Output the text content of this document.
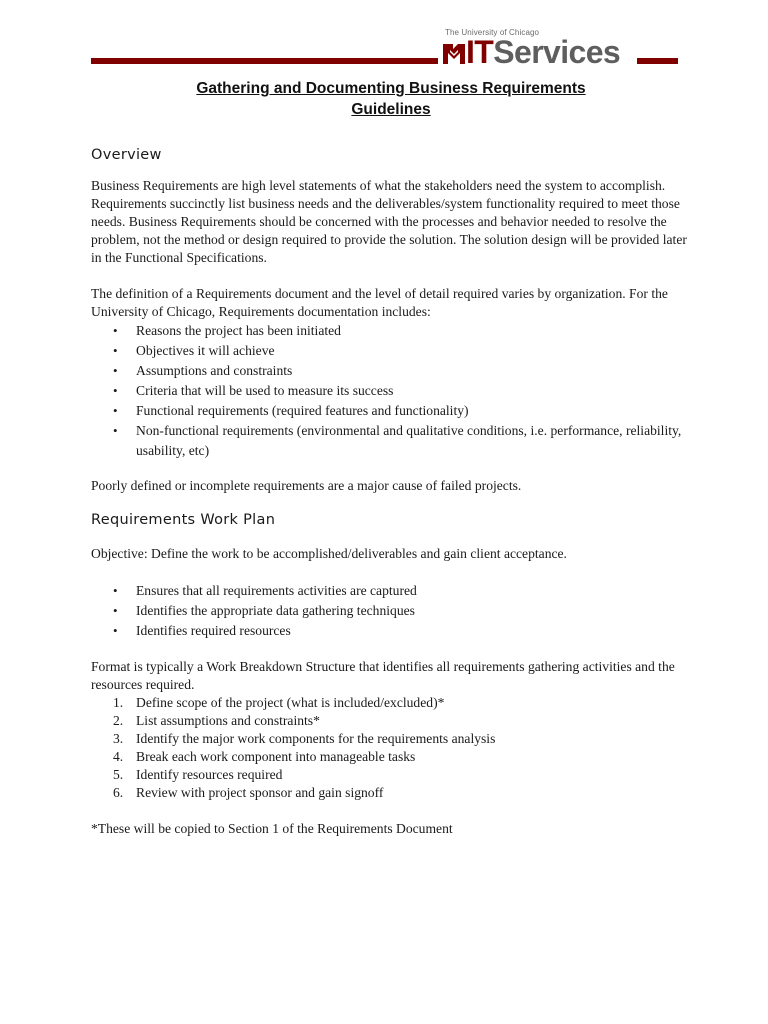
The University of Chicago
ITServices
Gathering and Documenting Business Requirements
Guidelines
Overview

Business Requirements are high level statements of what the stakeholders need the system to accomplish. Requirements succinctly list business needs and the deliverables/system functionality required to meet those needs. Business Requirements should be concerned with the processes and behavior needed to resolve the problem, not the method or design required to provide the solution. The solution design will be provided later in the Functional Specifications.

The definition of a Requirements document and the level of detail required varies by organization. For the University of Chicago, Requirements documentation includes:

• Reasons the project has been initiated
• Objectives it will achieve
• Assumptions and constraints
• Criteria that will be used to measure its success
• Functional requirements (required features and functionality)
• Non-functional requirements (environmental and qualitative conditions, i.e. performance, reliability, usability, etc)

Poorly defined or incomplete requirements are a major cause of failed projects.

Requirements Work Plan

Objective: Define the work to be accomplished/deliverables and gain client acceptance.

• Ensures that all requirements activities are captured
• Identifies the appropriate data gathering techniques
• Identifies required resources

Format is typically a Work Breakdown Structure that identifies all requirements gathering activities and the resources required.

1. Define scope of the project (what is included/excluded)*
2. List assumptions and constraints*
3. Identify the major work components for the requirements analysis
4. Break each work component into manageable tasks
5. Identify resources required
6. Review with project sponsor and gain signoff

*These will be copied to Section 1 of the Requirements Document
